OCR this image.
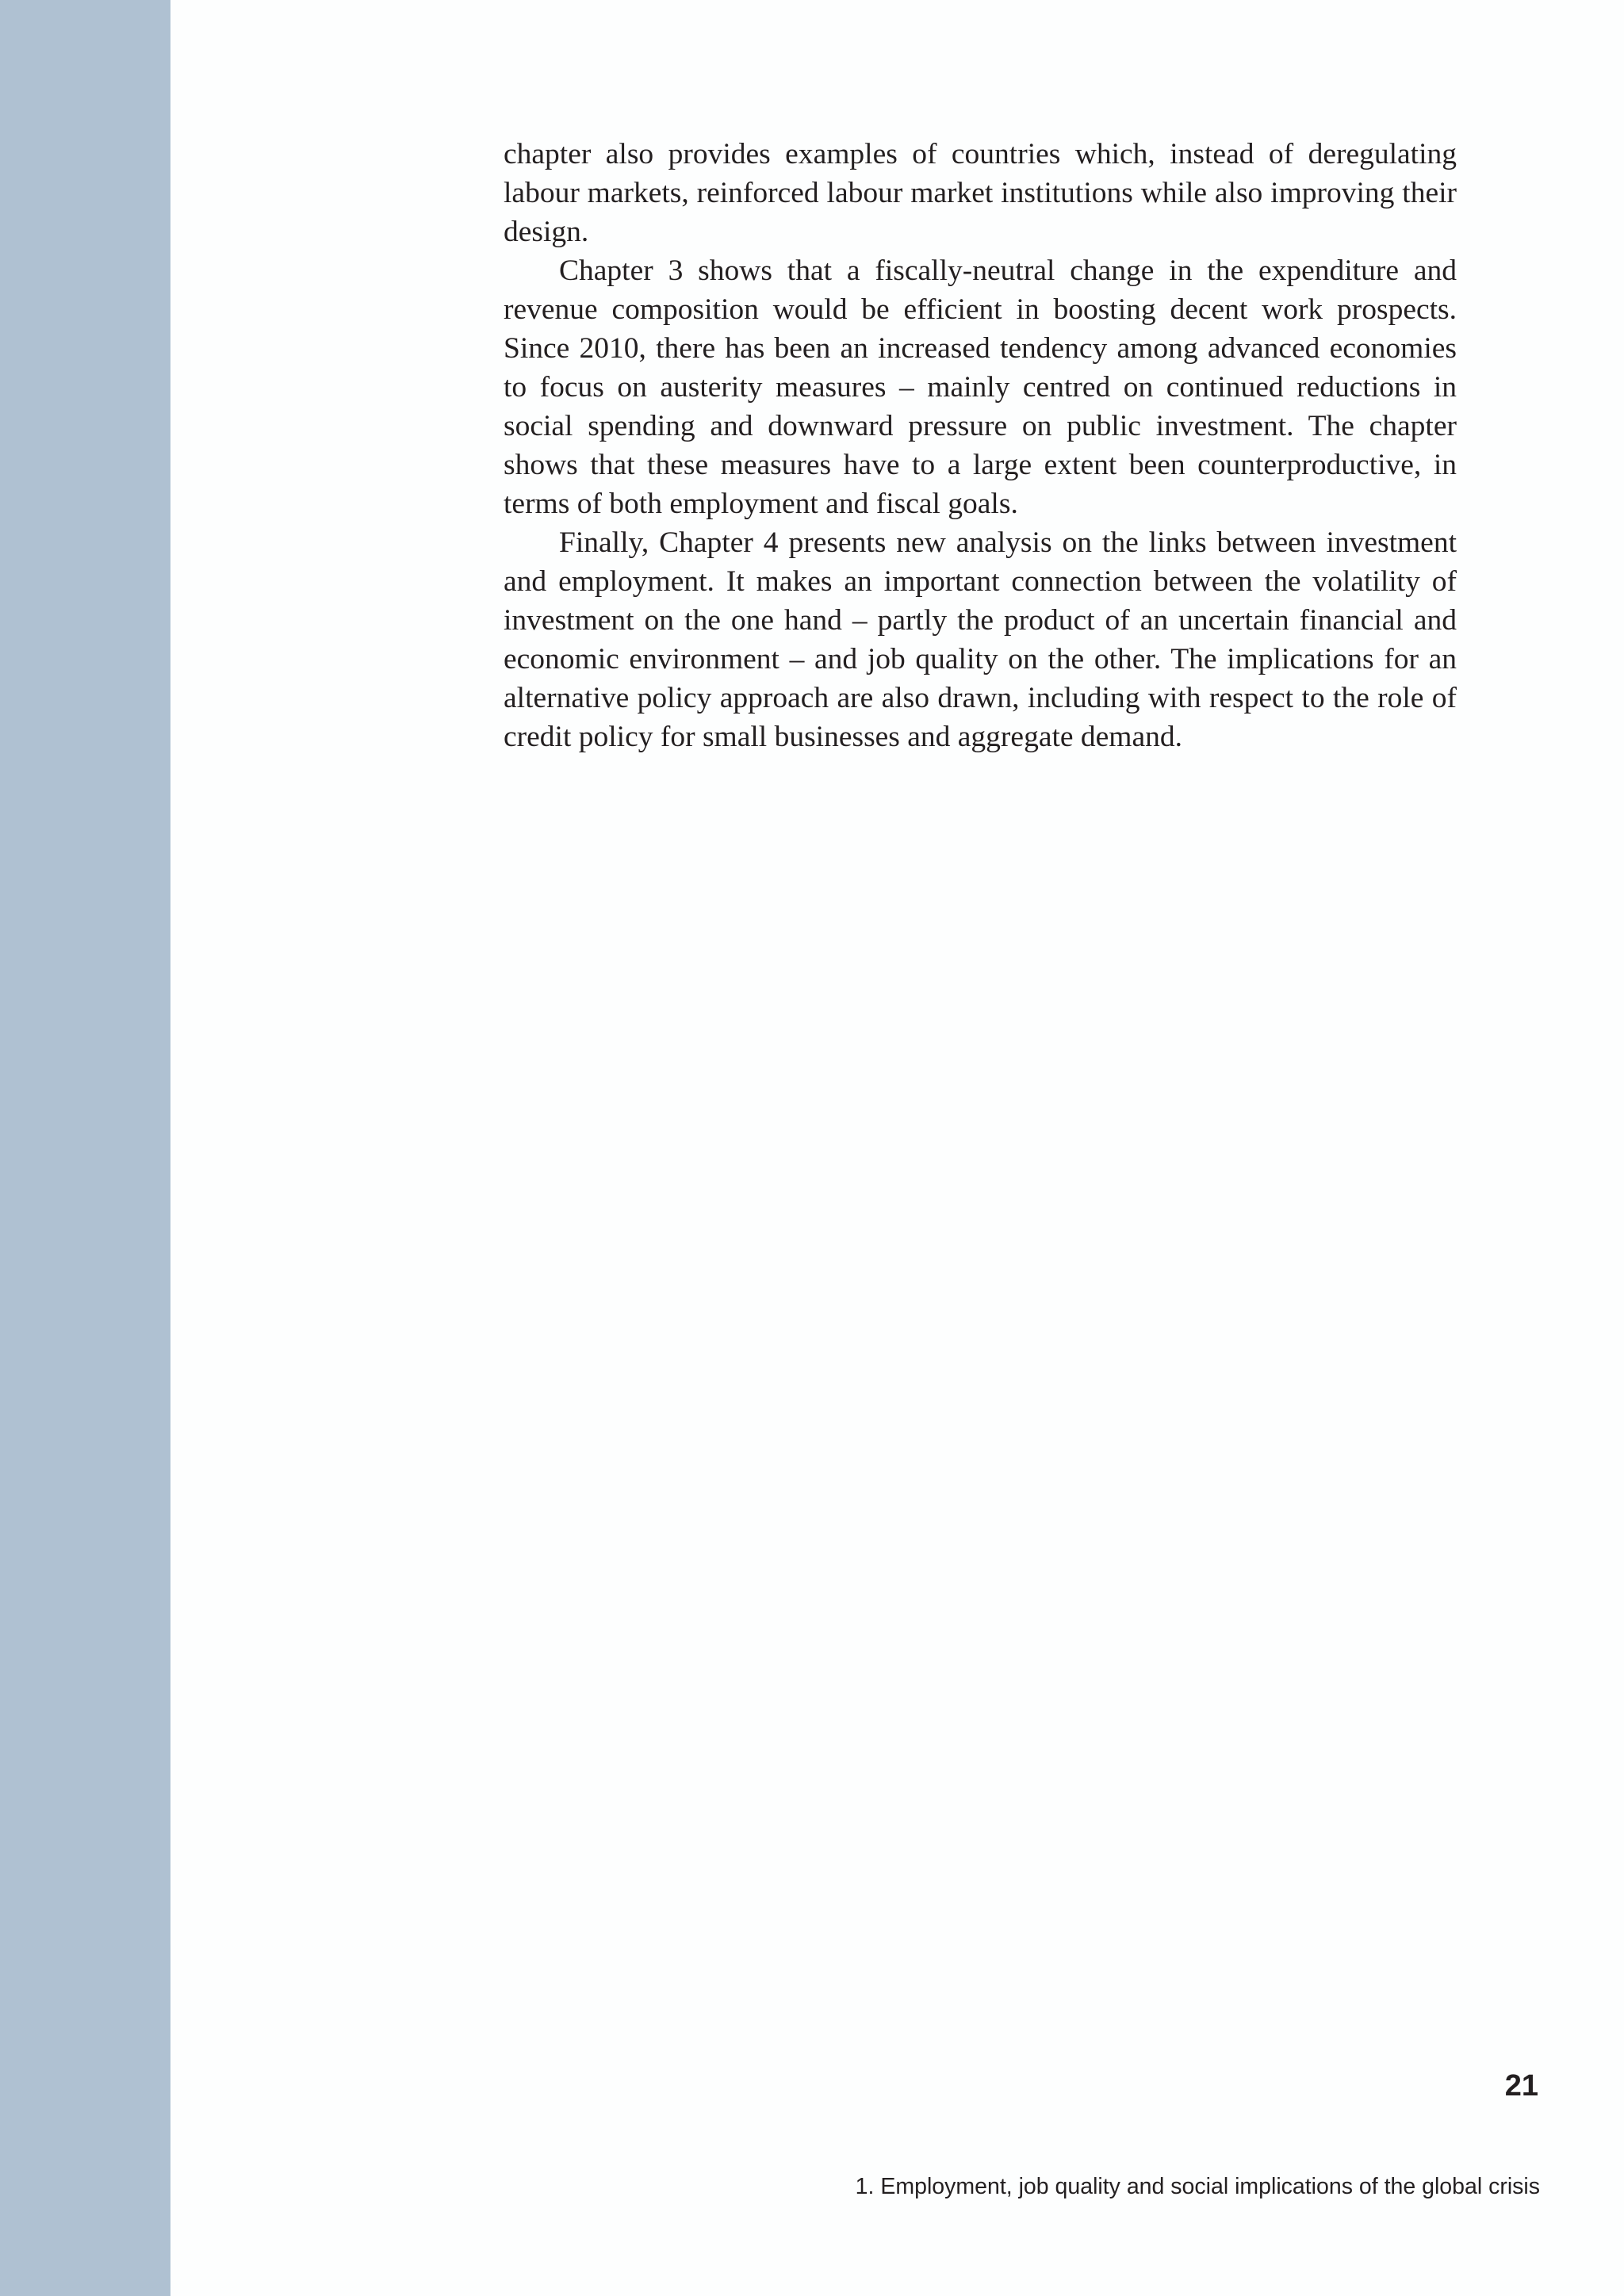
chapter also provides examples of countries which, instead of deregulating labour markets, reinforced labour market institutions while also improving their design.

Chapter 3 shows that a fiscally-neutral change in the expenditure and revenue composition would be efficient in boosting decent work prospects. Since 2010, there has been an increased tendency among advanced economies to focus on austerity measures – mainly centred on continued reductions in social spending and downward pressure on public investment. The chapter shows that these measures have to a large extent been counterproductive, in terms of both employment and fiscal goals.

Finally, Chapter 4 presents new analysis on the links between investment and employment. It makes an important connection between the volatility of investment on the one hand – partly the product of an uncertain financial and economic environment – and job quality on the other. The implications for an alternative policy approach are also drawn, including with respect to the role of credit policy for small businesses and aggregate demand.

21
1. Employment, job quality and social implications of the global crisis
